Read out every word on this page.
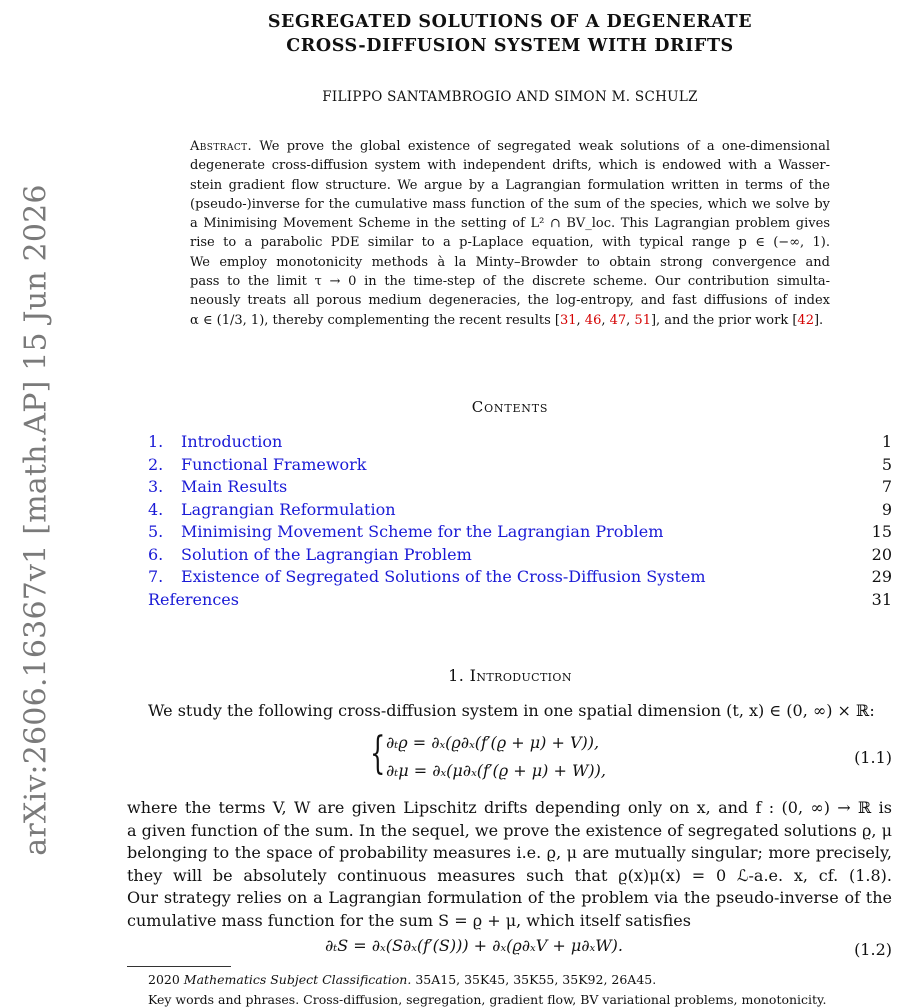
arXiv:2606.16367v1 [math.AP] 15 Jun 2026
SEGREGATED SOLUTIONS OF A DEGENERATE
CROSS-DIFFUSION SYSTEM WITH DRIFTS
FILIPPO SANTAMBROGIO AND SIMON M. SCHULZ
Abstract. We prove the global existence of segregated weak solutions of a one-dimensional
degenerate cross-diffusion system with independent drifts, which is endowed with a Wasser-
stein gradient flow structure. We argue by a Lagrangian formulation written in terms of the
(pseudo-)inverse for the cumulative mass function of the sum of the species, which we solve by
a Minimising Movement Scheme in the setting of L² ∩ BV_loc. This Lagrangian problem gives
rise to a parabolic PDE similar to a p-Laplace equation, with typical range p ∈ (−∞, 1).
We employ monotonicity methods à la Minty–Browder to obtain strong convergence and
pass to the limit τ → 0 in the time-step of the discrete scheme. Our contribution simulta-
neously treats all porous medium degeneracies, the log-entropy, and fast diffusions of index
α ∈ (1/3, 1), thereby complementing the recent results [31, 46, 47, 51], and the prior work [42].
Contents
1. Introduction	1
2. Functional Framework	5
3. Main Results	7
4. Lagrangian Reformulation	9
5. Minimising Movement Scheme for the Lagrangian Problem	15
6. Solution of the Lagrangian Problem	20
7. Existence of Segregated Solutions of the Cross-Diffusion System	29
References	31
1. Introduction
We study the following cross-diffusion system in one spatial dimension (t, x) ∈ (0, ∞) × ℝ:
{ ∂ₜϱ = ∂ₓ(ϱ∂ₓ(f′(ϱ + μ) + V)),
∂ₜμ = ∂ₓ(μ∂ₓ(f′(ϱ + μ) + W)),
(1.1)
where the terms V, W are given Lipschitz drifts depending only on x, and f : (0, ∞) → ℝ is
a given function of the sum. In the sequel, we prove the existence of segregated solutions ϱ, μ
belonging to the space of probability measures i.e. ϱ, μ are mutually singular; more precisely,
they will be absolutely continuous measures such that ϱ(x)μ(x) = 0 ℒ-a.e. x, cf. (1.8).
Our strategy relies on a Lagrangian formulation of the problem via the pseudo-inverse of the
cumulative mass function for the sum S = ϱ + μ, which itself satisfies
∂ₜS = ∂ₓ(S∂ₓ(f′(S))) + ∂ₓ(ϱ∂ₓV + μ∂ₓW).	(1.2)
2020 Mathematics Subject Classification. 35A15, 35K45, 35K55, 35K92, 26A45.
Key words and phrases. Cross-diffusion, segregation, gradient flow, BV variational problems, monotonicity.
